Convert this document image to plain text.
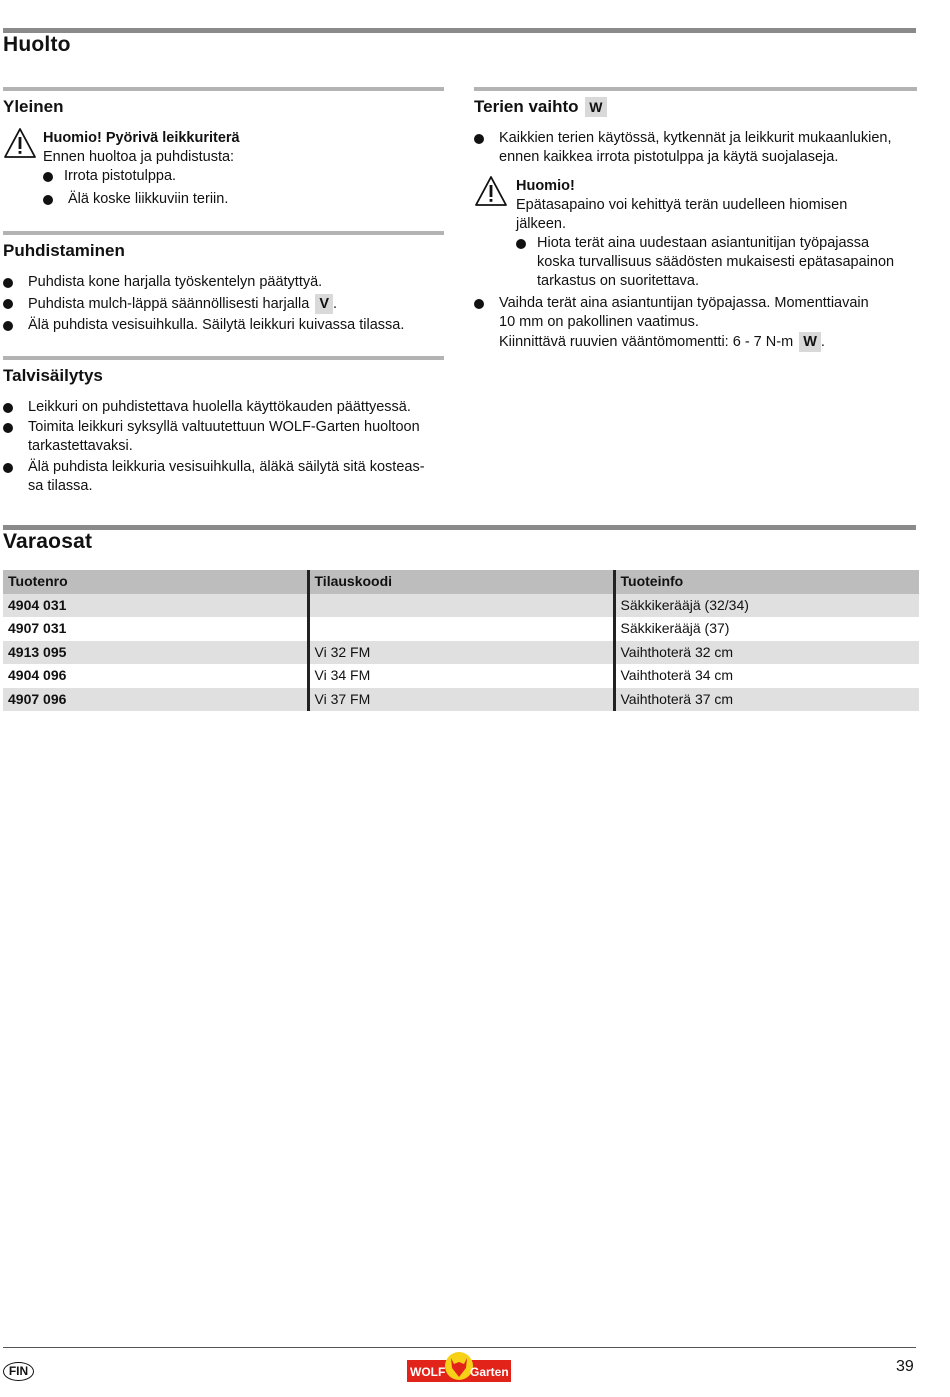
Huolto
Yleinen
Huomio! Pyörivä leikkuriterä
Ennen huoltoa ja puhdistusta:
Irrota pistotulppa.
Älä koske liikkuviin teriin.
Puhdistaminen
Puhdista kone harjalla työskentelyn päätyttyä.
Puhdista mulch-läppä säännöllisesti harjalla V .
Älä puhdista vesisuihkulla. Säilytä leikkuri kuivassa tilassa.
Talvisäilytys
Leikkuri on puhdistettava huolella käyttökauden päättyessä.
Toimita leikkuri syksyllä valtuutettuun WOLF-Garten huoltoon
tarkastettavaksi.
Älä puhdista leikkuria vesisuihkulla, äläkä säilytä sitä kosteas-
sa tilassa.
Terien vaihto W
Kaikkien terien käytössä, kytkennät ja leikkurit mukaanlukien,
ennen kaikkea irrota pistotulppa ja käytä suojalaseja.
Huomio!
Epätasapaino voi kehittyä terän uudelleen hiomisen
jälkeen.
Hiota terät aina uudestaan asiantunitijan työpajassa
koska turvallisuus säädösten mukaisesti epätasapainon
tarkastus on suoritettava.
Vaihda terät aina asiantuntijan työpajassa. Momenttiavain
10 mm on pakollinen vaatimus.
Kiinnittävä ruuvien vääntömomentti: 6 - 7 N-m W .
Varaosat
Tuotenro	Tilauskoodi	Tuoteinfo
4904 031		Säkkikerääjä (32/34)
4907 031		Säkkikerääjä (37)
4913 095	Vi 32 FM	Vaihthoterä 32 cm
4904 096	Vi 34 FM	Vaihthoterä 34 cm
4907 096	Vi 37 FM	Vaihthoterä 37 cm
FIN	WOLF Garten	39
